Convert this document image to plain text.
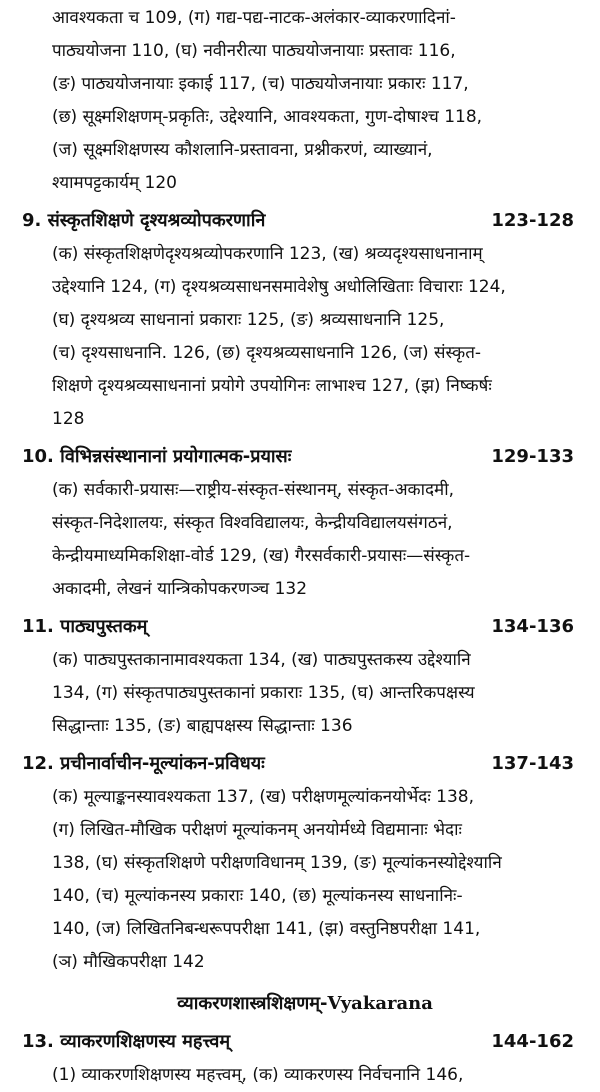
आवश्यकता च 109, (ग) गद्य-पद्य-नाटक-अलंकार-व्याकरणादिनां-

पाठ्ययोजना 110, (घ) नवीनरीत्या पाठ्ययोजनायाः प्रस्तावः 116,

(ङ) पाठ्ययोजनायाः इकाई 117, (च) पाठ्ययोजनायाः प्रकारः 117,

(छ) सूक्ष्मशिक्षणम्-प्रकृतिः, उद्देश्यानि, आवश्यकता, गुण-दोषाश्च 118,

(ज) सूक्ष्मशिक्षणस्य कौशलानि-प्रस्तावना, प्रश्नीकरणं, व्याख्यानं,

श्यामपट्टकार्यम् 120

9. संस्कृतशिक्षणे दृश्यश्रव्योपकरणानि	123-128

(क) संस्कृतशिक्षणेदृश्यश्रव्योपकरणानि 123, (ख) श्रव्यदृश्यसाधनानाम्

उद्देश्यानि 124, (ग) दृश्यश्रव्यसाधनसमावेशेषु अधोलिखिताः विचाराः 124,

(घ) दृश्यश्रव्य साधनानां प्रकाराः 125, (ङ) श्रव्यसाधनानि 125,

(च) दृश्यसाधनानि. 126, (छ) दृश्यश्रव्यसाधनानि 126, (ज) संस्कृत-

शिक्षणे दृश्यश्रव्यसाधनानां प्रयोगे उपयोगिनः लाभाश्च 127, (झ) निष्कर्षः

128

10. विभिन्नसंस्थानानां प्रयोगात्मक-प्रयासः	129-133

(क) सर्वकारी-प्रयासः—राष्ट्रीय-संस्कृत-संस्थानम्, संस्कृत-अकादमी,

संस्कृत-निदेशालयः, संस्कृत विश्वविद्यालयः, केन्द्रीयविद्यालयसंगठनं,

केन्द्रीयमाध्यमिकशिक्षा-वोर्ड 129, (ख) गैरसर्वकारी-प्रयासः—संस्कृत-

अकादमी, लेखनं यान्त्रिकोपकरणञ्च 132

11. पाठ्यपुस्तकम्	134-136

(क) पाठ्यपुस्तकानामावश्यकता 134, (ख) पाठ्यपुस्तकस्य उद्देश्यानि

134, (ग) संस्कृतपाठ्यपुस्तकानां प्रकाराः 135, (घ) आन्तरिकपक्षस्य

सिद्धान्ताः 135, (ङ) बाह्यपक्षस्य सिद्धान्ताः 136

12. प्रचीनार्वाचीन-मूल्यांकन-प्रविधयः	137-143

(क) मूल्याङ्कनस्यावश्यकता 137, (ख) परीक्षणमूल्यांकनयोर्भेदः 138,

(ग) लिखित-मौखिक परीक्षणं मूल्यांकनम् अनयोर्मध्ये विद्यमानाः भेदाः

138, (घ) संस्कृतशिक्षणे परीक्षणविधानम् 139, (ङ) मूल्यांकनस्योद्देश्यानि

140, (च) मूल्यांकनस्य प्रकाराः 140, (छ) मूल्यांकनस्य साधनानिः-

140, (ज) लिखितनिबन्धरूपपरीक्षा 141, (झ) वस्तुनिष्ठपरीक्षा 141,

(ञ) मौखिकपरीक्षा 142

व्याकरणशास्त्रशिक्षणम्-Vyakarana
13. व्याकरणशिक्षणस्य महत्त्वम्	144-162

(1) व्याकरणशिक्षणस्य महत्त्वम्, (क) व्याकरणस्य निर्वचनानि 146,
